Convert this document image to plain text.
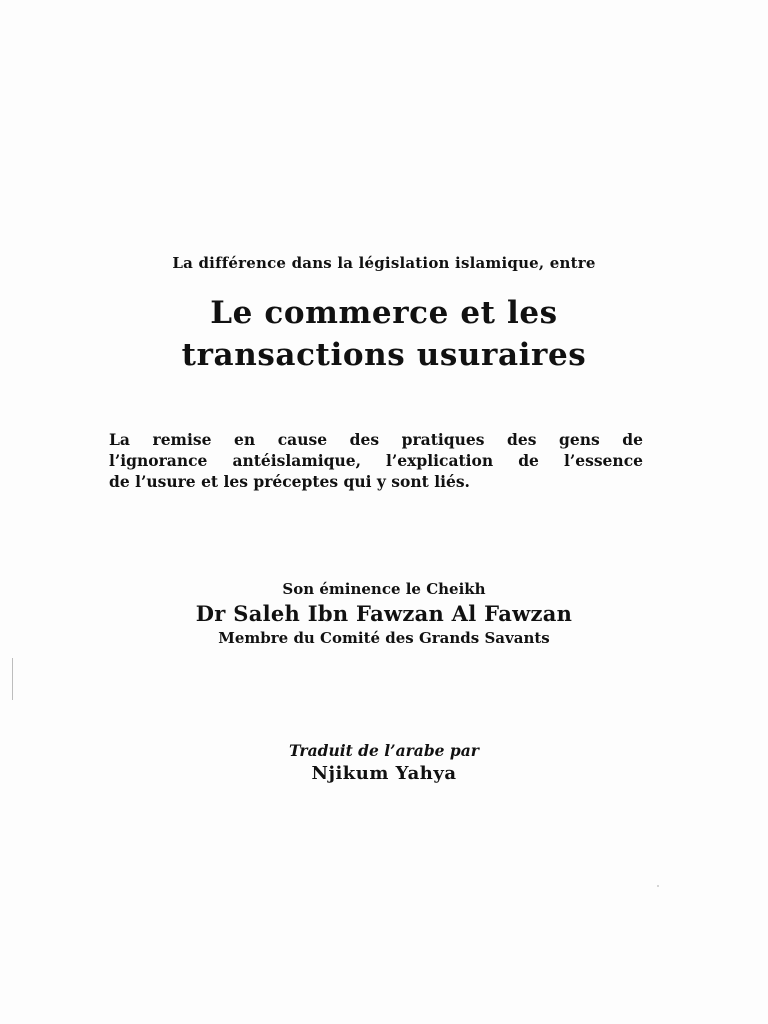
La différence dans la législation islamique, entre
Le commerce et les
transactions usuraires
La remise en cause des pratiques des gens de
l’ignorance antéislamique, l’explication de l’essence
de l’usure et les préceptes qui y sont liés.
Son éminence le Cheikh
Dr Saleh Ibn Fawzan Al Fawzan
Membre du Comité des Grands Savants
Traduit de l’arabe par
Njikum Yahya
